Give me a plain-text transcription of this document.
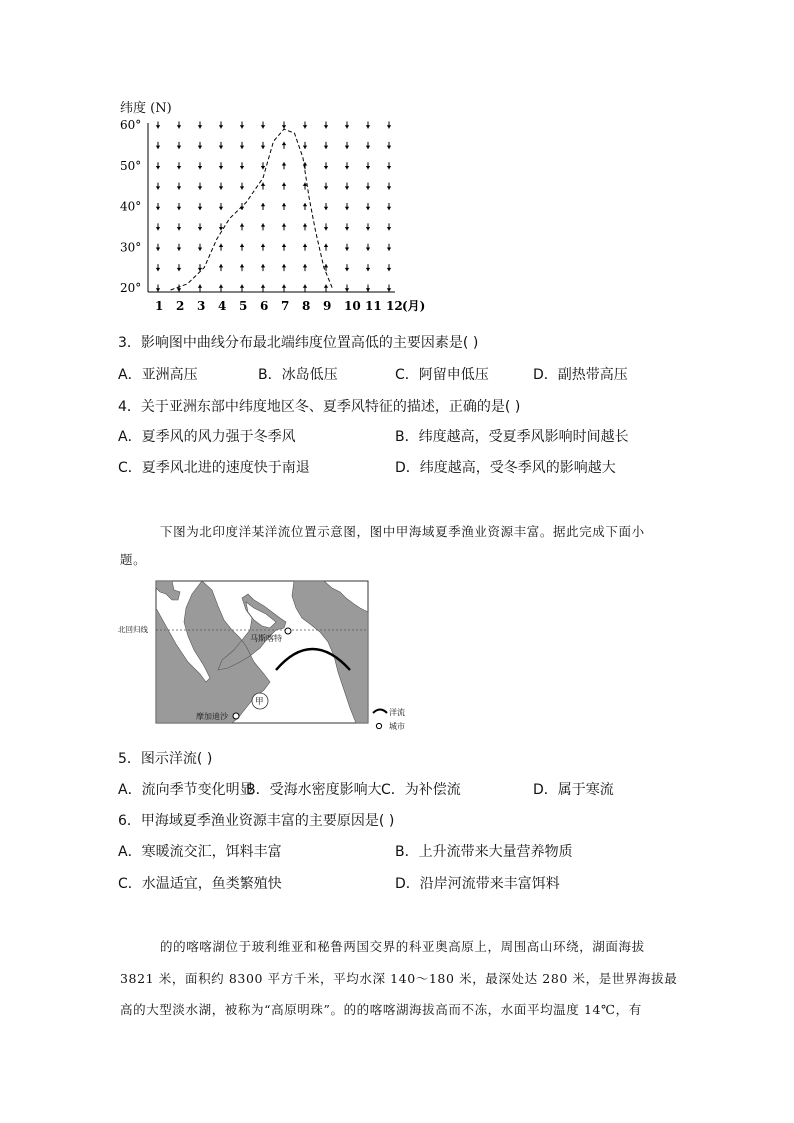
纬度 (N)
60°
50°
40°
30°
20°
1 2 3 4 5 6 7 8 9 10 11 12 (月)
3．影响图中曲线分布最北端纬度位置高低的主要因素是( )
A．亚洲高压	B．冰岛低压	C．阿留申低压	D．副热带高压
4．关于亚洲东部中纬度地区冬、夏季风特征的描述，正确的是( )
A．夏季风的风力强于冬季风	B．纬度越高，受夏季风影响时间越长
C．夏季风北进的速度快于南退	D．纬度越高，受冬季风的影响越大
下图为北印度洋某洋流位置示意图，图中甲海域夏季渔业资源丰富。据此完成下面小
题。
北回归线
马斯喀特
摩加迪沙
甲
洋流
城市
5．图示洋流( )
A．流向季节变化明显
B．受海水密度影响大 C．为补偿流	D．属于寒流
6．甲海域夏季渔业资源丰富的主要原因是( )
A．寒暖流交汇，饵料丰富	B．上升流带来大量营养物质
C．水温适宜，鱼类繁殖快	D．沿岸河流带来丰富饵料
的的喀喀湖位于玻利维亚和秘鲁两国交界的科亚奥高原上，周围高山环绕，湖面海拔
3821 米，面积约 8300 平方千米，平均水深 140～180 米，最深处达 280 米，是世界海拔最
高的大型淡水湖，被称为“高原明珠”。的的喀喀湖海拔高而不冻，水面平均温度 14℃，有
